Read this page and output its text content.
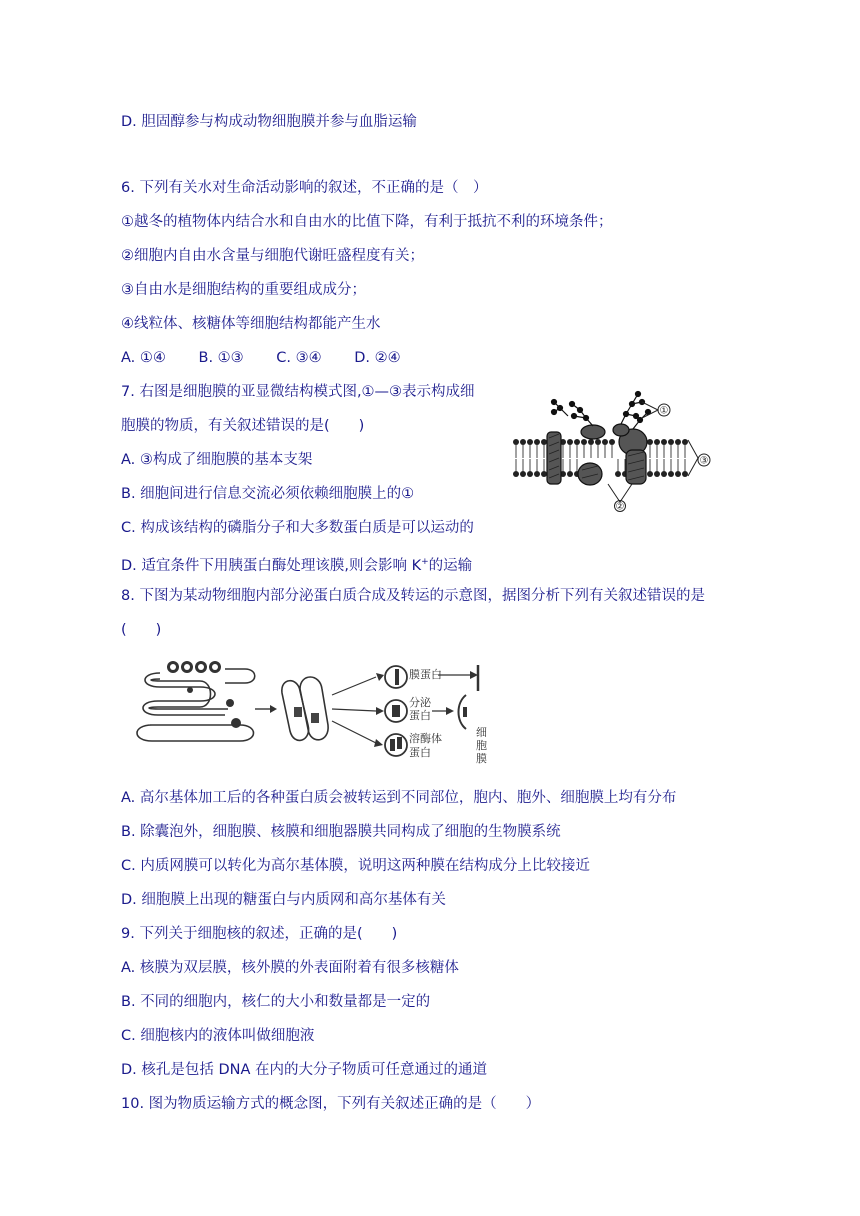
D. 胆固醇参与构成动物细胞膜并参与血脂运输
6. 下列有关水对生命活动影响的叙述，不正确的是（　）
①越冬的植物体内结合水和自由水的比值下降，有利于抵抗不利的环境条件；
②细胞内自由水含量与细胞代谢旺盛程度有关；
③自由水是细胞结构的重要组成成分；
④线粒体、核糖体等细胞结构都能产生水
A. ①④ B. ①③ C. ③④ D. ②④
7. 右图是细胞膜的亚显微结构模式图,①—③表示构成细
胞膜的物质，有关叙述错误的是(　　)
A. ③构成了细胞膜的基本支架
B. 细胞间进行信息交流必须依赖细胞膜上的①
C. 构成该结构的磷脂分子和大多数蛋白质是可以运动的
D. 适宜条件下用胰蛋白酶处理该膜,则会影响 K+的运输
①
②
③
8. 下图为某动物细胞内部分泌蛋白质合成及转运的示意图，据图分析下列有关叙述错误的是
(　　)
膜蛋白
分泌
蛋白
溶酶体
蛋白
细
胞
膜
A. 高尔基体加工后的各种蛋白质会被转运到不同部位，胞内、胞外、细胞膜上均有分布
B. 除囊泡外，细胞膜、核膜和细胞器膜共同构成了细胞的生物膜系统
C. 内质网膜可以转化为高尔基体膜，说明这两种膜在结构成分上比较接近
D. 细胞膜上出现的糖蛋白与内质网和高尔基体有关
9. 下列关于细胞核的叙述，正确的是(　　)
A. 核膜为双层膜，核外膜的外表面附着有很多核糖体
B. 不同的细胞内，核仁的大小和数量都是一定的
C. 细胞核内的液体叫做细胞液
D. 核孔是包括 DNA 在内的大分子物质可任意通过的通道
10. 图为物质运输方式的概念图，下列有关叙述正确的是（　　）
